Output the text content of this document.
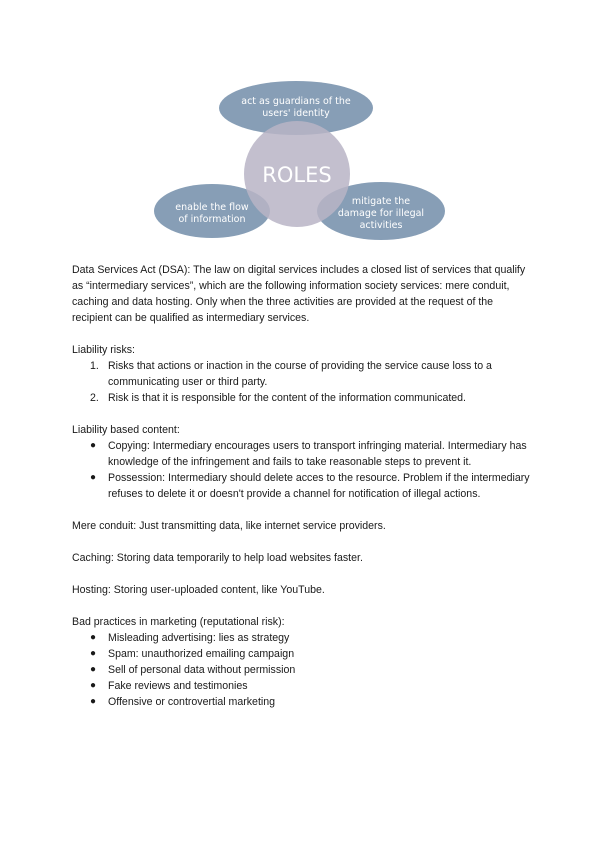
ROLES
act as guardians of the
users' identity
enable the flow
of information
mitigate the
damage for illegal
activities

Data Services Act (DSA): The law on digital services includes a closed list of services that qualify as “intermediary services”, which are the following information society services: mere conduit, caching and data hosting. Only when the three activities are provided at the request of the recipient can be qualified as intermediary services.

Liability risks:

1. Risks that actions or inaction in the course of providing the service cause loss to a communicating user or third party.
2. Risk is that it is responsible for the content of the information communicated.

Liability based content:

● Copying: Intermediary encourages users to transport infringing material. Intermediary has knowledge of the infringement and fails to take reasonable steps to prevent it.
● Possession: Intermediary should delete acces to the resource. Problem if the intermediary refuses to delete it or doesn't provide a channel for notification of illegal actions.

Mere conduit: Just transmitting data, like internet service providers.

Caching: Storing data temporarily to help load websites faster.

Hosting: Storing user-uploaded content, like YouTube.

Bad practices in marketing (reputational risk):

● Misleading advertising: lies as strategy
● Spam: unauthorized emailing campaign
● Sell of personal data without permission
● Fake reviews and testimonies
● Offensive or controvertial marketing
